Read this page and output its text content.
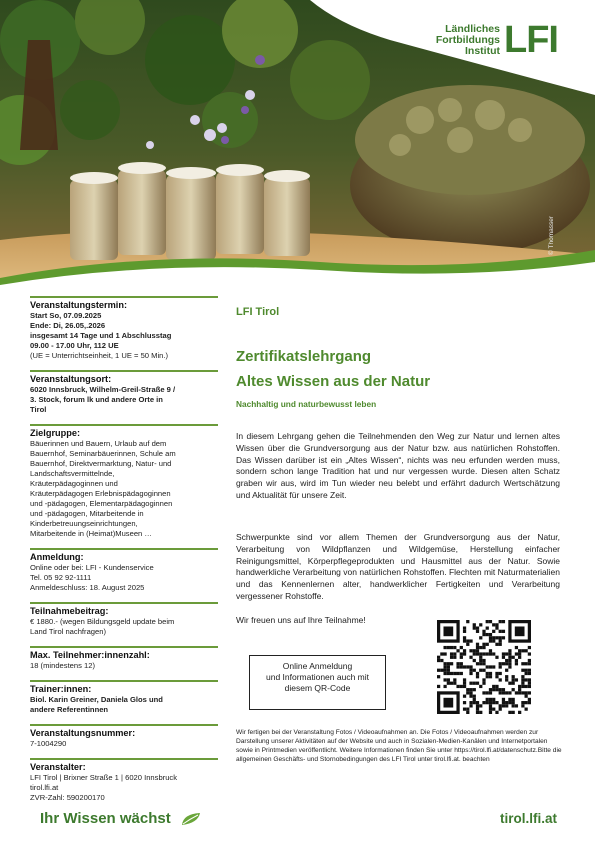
Ländliches
Fortbildungs
Institut LFI
© Thomasser
Veranstaltungstermin:
Start So, 07.09.2025
Ende: Di, 26.05,.2026
insgesamt 14 Tage und 1 Abschlusstag
09.00 - 17.00 Uhr, 112 UE
(UE = Unterrichtseinheit, 1 UE = 50 Min.)
Veranstaltungsort:
6020 Innsbruck, Wilhelm-Greil-Straße 9 /
3. Stock, forum lk und andere Orte in
Tirol
Zielgruppe:
Bäuerinnen und Bauern, Urlaub auf dem
Bauernhof, Seminarbäuerinnen, Schule am
Bauernhof, Direktvermarktung, Natur- und
Landschaftsvermittelnde,
Kräuterpädagoginnen und
Kräuterpädagogen Erlebnispädagoginnen
und -pädagogen, Elementarpädagoginnen
und -pädagogen, Mitarbeitende in
Kinderbetreuungseinrichtungen,
Mitarbeitende in (Heimat)Museen …
Anmeldung:
Online oder bei: LFI - Kundenservice
Tel. 05 92 92-1111
Anmeldeschluss: 18. August 2025
Teilnahmebeitrag:
€ 1880.- (wegen Bildungsgeld update beim
Land Tirol nachfragen)
Max. Teilnehmer:innenzahl:
18 (mindestens 12)
Trainer:innen:
Biol. Karin Greiner, Daniela Glos und
andere Referentinnen
Veranstaltungsnummer:
7-1004290
Veranstalter:
LFI Tirol | Brixner Straße 1 | 6020 Innsbruck
tirol.lfi.at
ZVR-Zahl: 590200170
LFI Tirol
Zertifikatslehrgang
Altes Wissen aus der Natur
Nachhaltig und naturbewusst leben
In diesem Lehrgang gehen die Teilnehmenden den Weg zur Natur und lernen altes Wissen über die Grundversorgung aus der Natur bzw. aus natürlichen Rohstoffen. Das Wissen darüber ist ein „Altes Wissen“, nichts was neu erfunden werden muss, sondern schon lange Tradition hat und nur vergessen wurde. Diesen alten Schatz graben wir aus, wird im Tun wieder neu belebt und erfährt dadurch Wertschätzung und Aktualität für unsere Zeit.
Schwerpunkte sind vor allem Themen der Grundversorgung aus der Natur, Verarbeitung von Wildpflanzen und Wildgemüse, Herstellung einfacher Reinigungsmittel, Körperpflegeprodukten und Hausmittel aus der Natur. Sowie handwerkliche Verarbeitung von natürlichen Rohstoffen. Flechten mit Naturmaterialien und das Kennenlernen alter, handwerklicher Fertigkeiten und Verarbeitung vergessener Rohstoffe.
Wir freuen uns auf Ihre Teilnahme!
Online Anmeldung
und Informationen auch mit
diesem QR-Code
Wir fertigen bei der Veranstaltung Fotos / Videoaufnahmen an. Die Fotos / Videoaufnahmen werden zur Darstellung unserer Aktivitäten auf der Website und auch in Sozialen-Medien-Kanälen und Internetportalen sowie in Printmedien veröffentlicht. Weitere Informationen finden Sie unter https://tirol.lfi.at/datenschutz.Bitte die allgemeinen Geschäfts- und Stornobedingungen des LFI Tirol unter tirol.lfi.at. beachten
Ihr Wissen wächst	tirol.lfi.at
